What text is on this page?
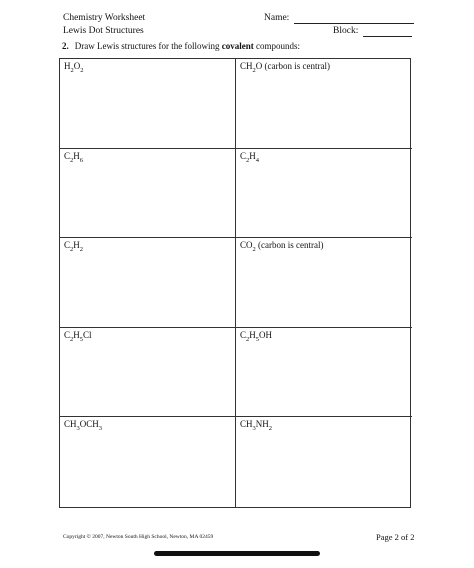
Chemistry Worksheet
Lewis Dot Structures
Name:
Block:
2. Draw Lewis structures for the following covalent compounds:
$H_2O_2$	$CH_2O$ (carbon is central)
$C_2H_6$	$C_2H_4$
$C_2H_2$	$CO_2$ (carbon is central)
$C_2H_5Cl$	$C_2H_5OH$
$CH_3OCH_3$	$CH_3NH_2$
Copyright © 2007, Newton South High School, Newton, MA 02459	Page 2 of 2
